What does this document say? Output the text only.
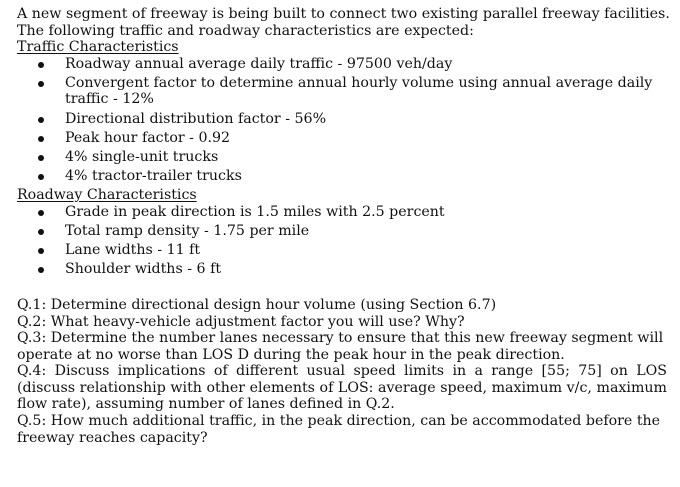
A new segment of freeway is being built to connect two existing parallel freeway facilities.

The following traffic and roadway characteristics are expected:

Traffic Characteristics

Roadway annual average daily traffic - 97500 veh/day
Convergent factor to determine annual hourly volume using annual average daily traffic - 12%
Directional distribution factor - 56%
Peak hour factor - 0.92
4% single-unit trucks
4% tractor-trailer trucks

Roadway Characteristics

Grade in peak direction is 1.5 miles with 2.5 percent
Total ramp density - 1.75 per mile
Lane widths - 11 ft
Shoulder widths - 6 ft

Q.1: Determine directional design hour volume (using Section 6.7)

Q.2: What heavy-vehicle adjustment factor you will use? Why?

Q.3: Determine the number lanes necessary to ensure that this new freeway segment will operate at no worse than LOS D during the peak hour in the peak direction.

Q.4: Discuss implications of different usual speed limits in a range [55; 75] on LOS (discuss relationship with other elements of LOS: average speed, maximum v/c, maximum flow rate), assuming number of lanes defined in Q.2.

Q.5: How much additional traffic, in the peak direction, can be accommodated before the freeway reaches capacity?
